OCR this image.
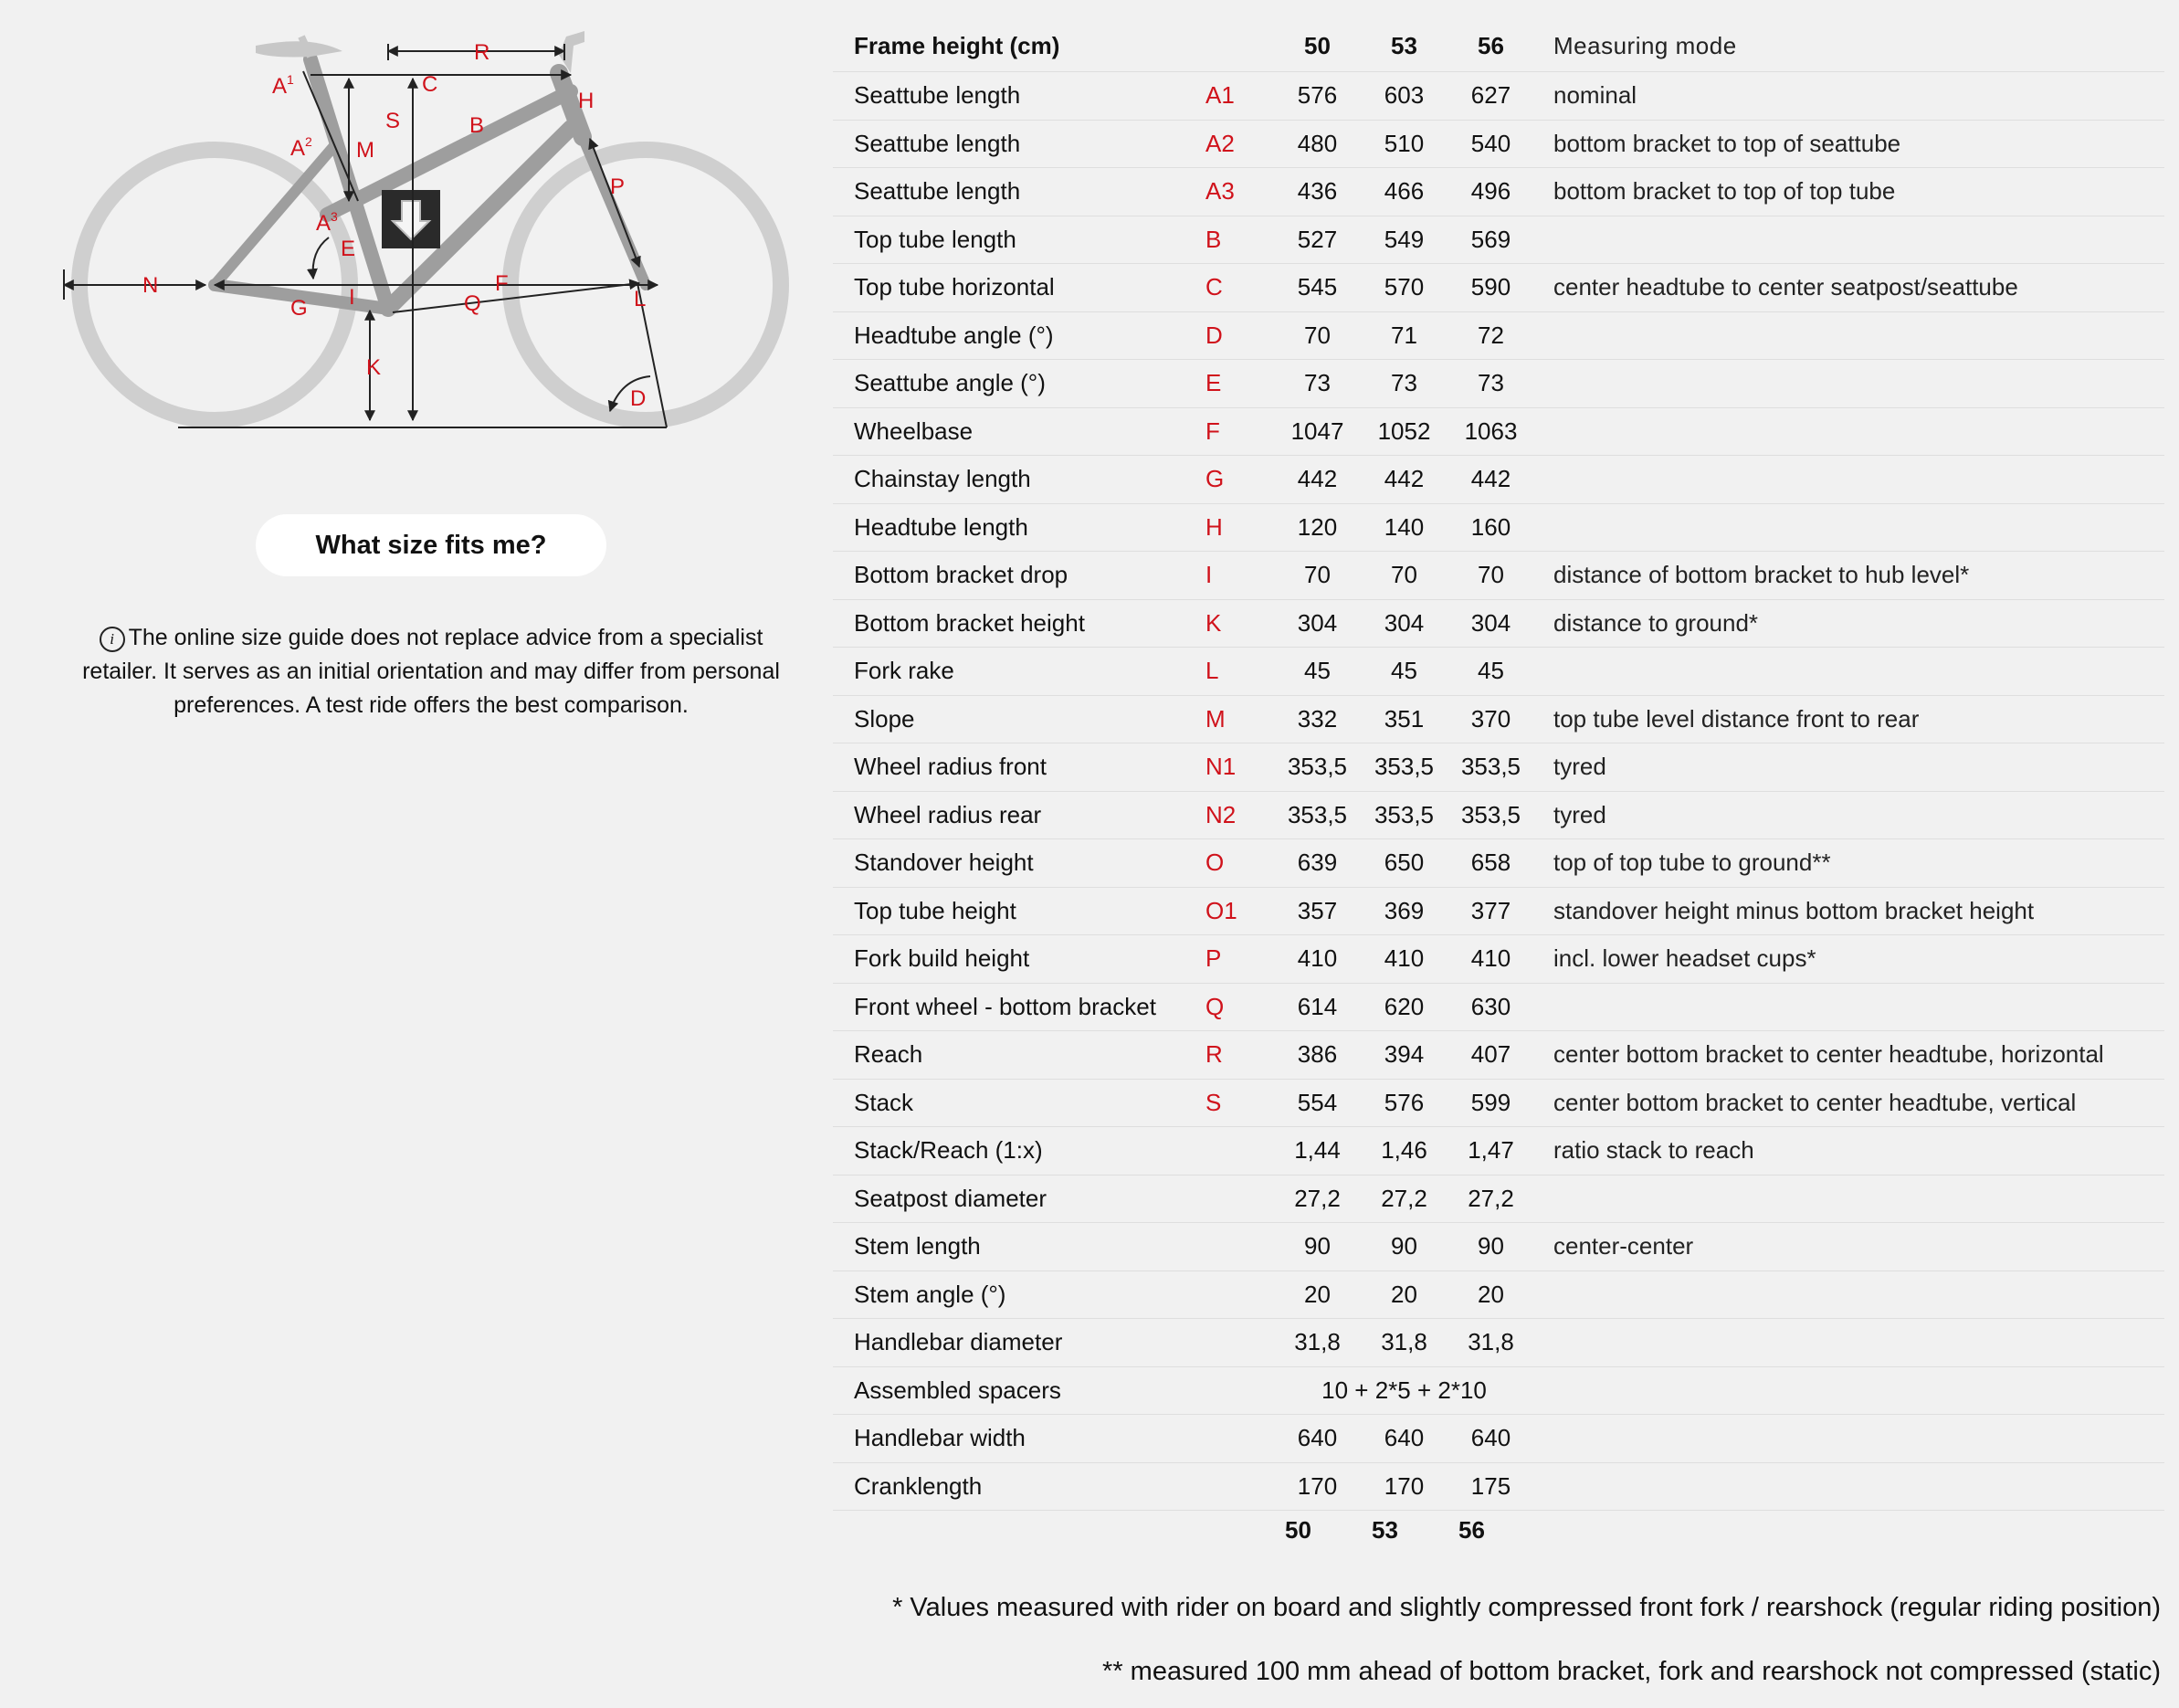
$A^1$
$A^2$
$A^3$
M
S
C
R
B
H
P
E
N	F
G I	Q	L
K
D
What size fits me?
i The online size guide does not replace advice from a specialist retailer. It serves as an initial orientation and may differ from personal preferences. A test ride offers the best comparison.
Frame height (cm)		50	53	56	Measuring mode
Seattube length	A1	576	603	627	nominal
Seattube length	A2	480	510	540	bottom bracket to top of seattube
Seattube length	A3	436	466	496	bottom bracket to top of top tube
Top tube length	B	527	549	569	
Top tube horizontal	C	545	570	590	center headtube to center seatpost/seattube
Headtube angle (°)	D	70	71	72	
Seattube angle (°)	E	73	73	73	
Wheelbase	F	1047	1052	1063	
Chainstay length	G	442	442	442	
Headtube length	H	120	140	160	
Bottom bracket drop	I	70	70	70	distance of bottom bracket to hub level*
Bottom bracket height	K	304	304	304	distance to ground*
Fork rake	L	45	45	45	
Slope	M	332	351	370	top tube level distance front to rear
Wheel radius front	N1	353,5	353,5	353,5	tyred
Wheel radius rear	N2	353,5	353,5	353,5	tyred
Standover height	O	639	650	658	top of top tube to ground**
Top tube height	O1	357	369	377	standover height minus bottom bracket height
Fork build height	P	410	410	410	incl. lower headset cups*
Front wheel - bottom bracket	Q	614	620	630	
Reach	R	386	394	407	center bottom bracket to center headtube, horizontal
Stack	S	554	576	599	center bottom bracket to center headtube, vertical
Stack/Reach (1:x)		1,44	1,46	1,47	ratio stack to reach
Seatpost diameter		27,2	27,2	27,2	
Stem length		90	90	90	center-center
Stem angle (°)		20	20	20	
Handlebar diameter		31,8	31,8	31,8	
Assembled spacers		10 + 2*5 + 2*10			
Handlebar width		640	640	640	
Cranklength		170	170	175	
50	53	56
* Values measured with rider on board and slightly compressed front fork / rearshock (regular riding position)
** measured 100 mm ahead of bottom bracket, fork and rearshock not compressed (static)
